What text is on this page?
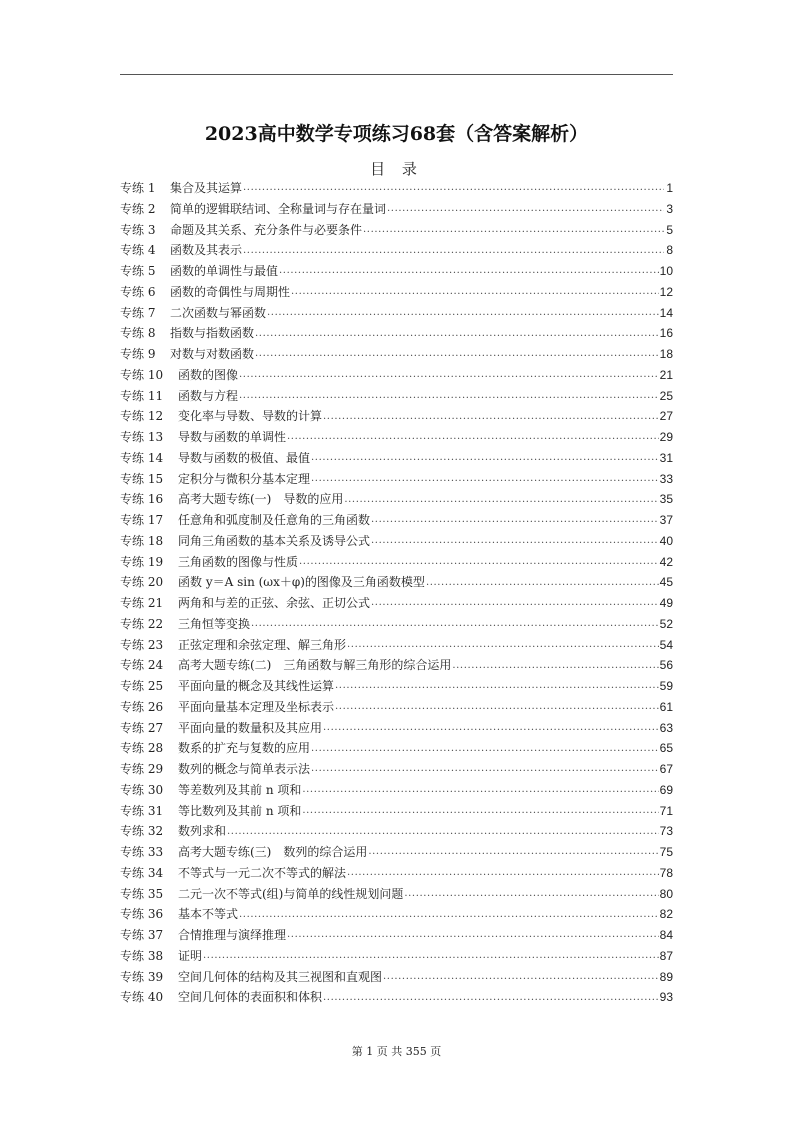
2023高中数学专项练习68套（含答案解析）
目 录
专练 1	集合及其运算 .....	1
专练 2	简单的逻辑联结词、全称量词与存在量词 .....	3
专练 3	命题及其关系、充分条件与必要条件 .....	5
专练 4	函数及其表示 .....	8
专练 5	函数的单调性与最值 .....	10
专练 6	函数的奇偶性与周期性 .....	12
专练 7	二次函数与幂函数 .....	14
专练 8	指数与指数函数 .....	16
专练 9	对数与对数函数 .....	18
专练 10	函数的图像 .....	21
专练 11	函数与方程 .....	25
专练 12	变化率与导数、导数的计算 .....	27
专练 13	导数与函数的单调性 .....	29
专练 14	导数与函数的极值、最值 .....	31
专练 15	定积分与微积分基本定理 .....	33
专练 16	高考大题专练(一)　导数的应用 .....	35
专练 17	任意角和弧度制及任意角的三角函数 .....	37
专练 18	同角三角函数的基本关系及诱导公式 .....	40
专练 19	三角函数的图像与性质 .....	42
专练 20	函数 y＝A sin (ωx＋φ)的图像及三角函数模型 .....	45
专练 21	两角和与差的正弦、余弦、正切公式 .....	49
专练 22	三角恒等变换 .....	52
专练 23	正弦定理和余弦定理、解三角形 .....	54
专练 24	高考大题专练(二)　三角函数与解三角形的综合运用 .....	56
专练 25	平面向量的概念及其线性运算 .....	59
专练 26	平面向量基本定理及坐标表示 .....	61
专练 27	平面向量的数量积及其应用 .....	63
专练 28	数系的扩充与复数的应用 .....	65
专练 29	数列的概念与简单表示法 .....	67
专练 30	等差数列及其前 n 项和 .....	69
专练 31	等比数列及其前 n 项和 .....	71
专练 32	数列求和 .....	73
专练 33	高考大题专练(三)　数列的综合运用 .....	75
专练 34	不等式与一元二次不等式的解法 .....	78
专练 35	二元一次不等式(组)与简单的线性规划问题 .....	80
专练 36	基本不等式 .....	82
专练 37	合情推理与演绎推理 .....	84
专练 38	证明 .....	87
专练 39	空间几何体的结构及其三视图和直观图 .....	89
专练 40	空间几何体的表面积和体积 .....	93
第 1 页 共 355 页
